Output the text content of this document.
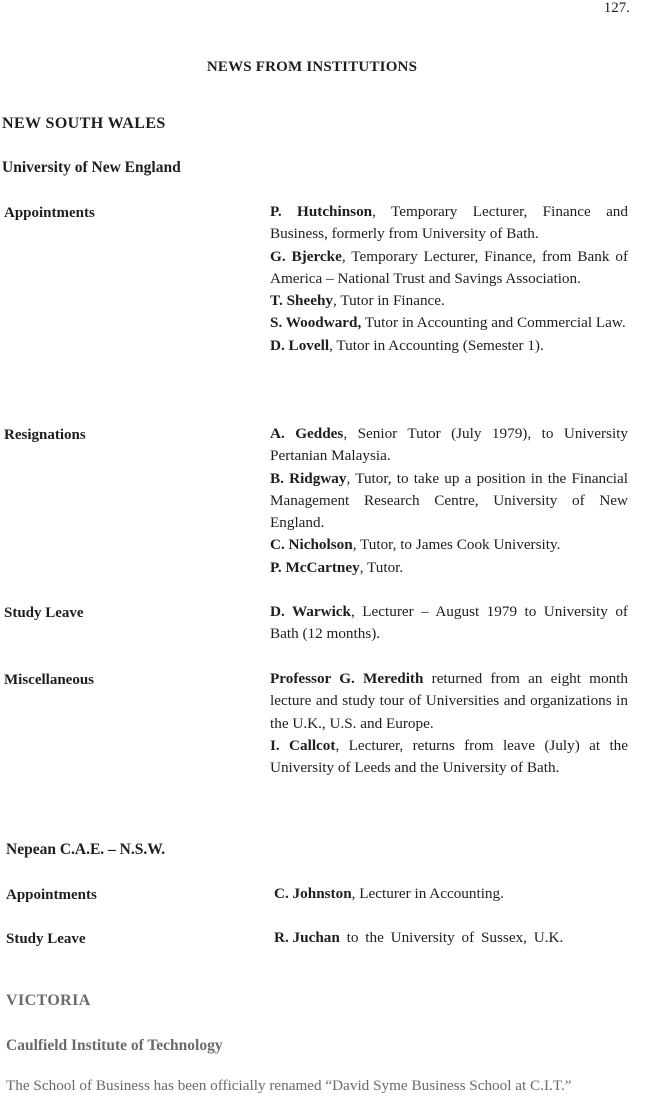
127.
NEWS FROM INSTITUTIONS
NEW SOUTH WALES
University of New England
Appointments	P. Hutchinson, Temporary Lecturer, Finance and Business, formerly from University of Bath.

G. Bjercke, Temporary Lecturer, Finance, from Bank of America – National Trust and Savings Association.

T. Sheehy, Tutor in Finance.

S. Woodward, Tutor in Accounting and Commercial Law.

D. Lovell, Tutor in Accounting (Semester 1).

Resignations	A. Geddes, Senior Tutor (July 1979), to University Pertanian Malaysia.

B. Ridgway, Tutor, to take up a position in the Financial Management Research Centre, University of New England.

C. Nicholson, Tutor, to James Cook University.

P. McCartney, Tutor.

Study Leave	D. Warwick, Lecturer – August 1979 to University of Bath (12 months).

Miscellaneous	Professor G. Meredith returned from an eight month lecture and study tour of Universities and organizations in the U.K., U.S. and Europe.

I. Callcot, Lecturer, returns from leave (July) at the University of Leeds and the University of Bath.

Nepean C.A.E. – N.S.W.
Appointments	C. Johnston, Lecturer in Accounting.

Study Leave	R. Juchan to the University of Sussex, U.K.

VICTORIA
Caulfield Institute of Technology

The School of Business has been officially renamed “David Syme Business School at C.I.T.”
